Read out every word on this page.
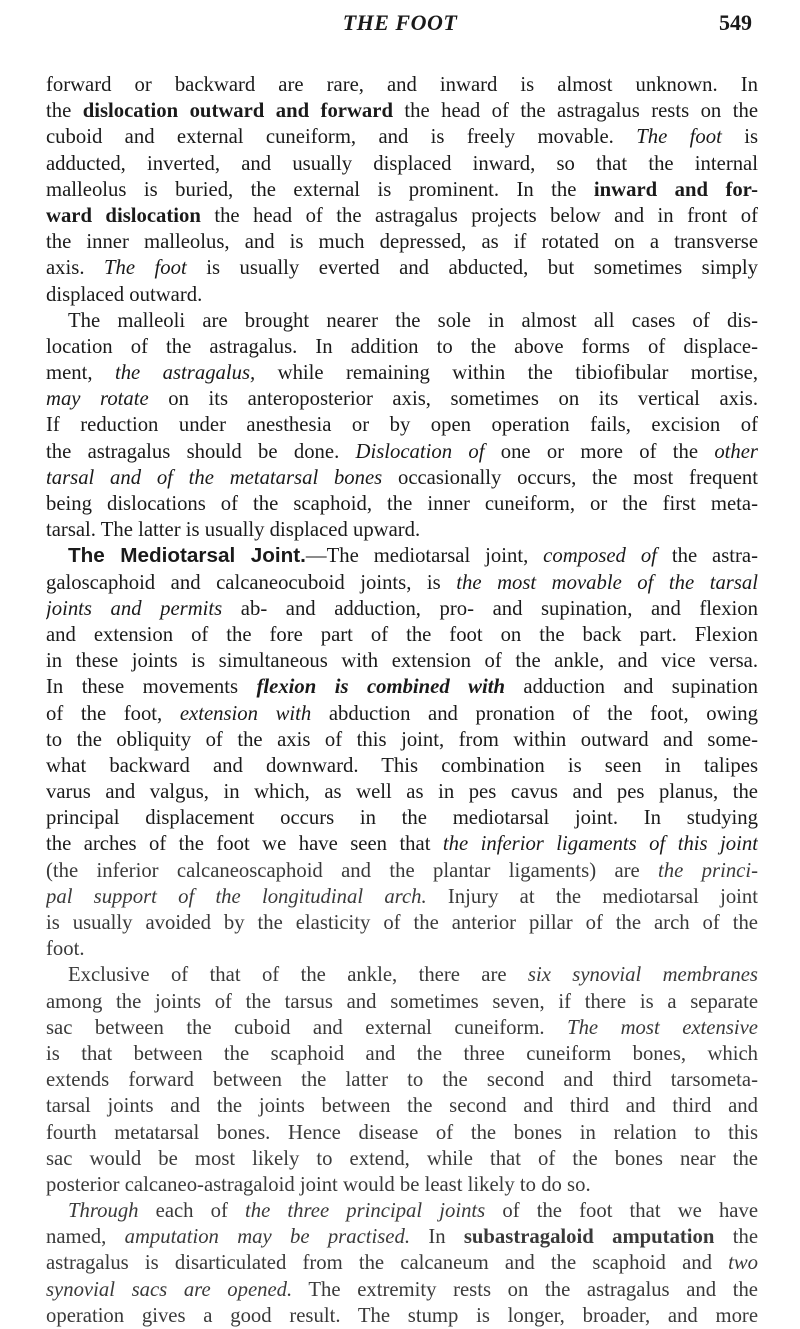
THE FOOT	549
forward or backward are rare, and inward is almost unknown. In
the dislocation outward and forward the head of the astragalus rests on the
cuboid and external cuneiform, and is freely movable. The foot is
adducted, inverted, and usually displaced inward, so that the internal
malleolus is buried, the external is prominent. In the inward and for-
ward dislocation the head of the astragalus projects below and in front of
the inner malleolus, and is much depressed, as if rotated on a transverse
axis. The foot is usually everted and abducted, but sometimes simply
displaced outward.
The malleoli are brought nearer the sole in almost all cases of dis-
location of the astragalus. In addition to the above forms of displace-
ment, the astragalus, while remaining within the tibiofibular mortise,
may rotate on its anteroposterior axis, sometimes on its vertical axis.
If reduction under anesthesia or by open operation fails, excision of
the astragalus should be done. Dislocation of one or more of the other
tarsal and of the metatarsal bones occasionally occurs, the most frequent
being dislocations of the scaphoid, the inner cuneiform, or the first meta-
tarsal. The latter is usually displaced upward.
The Mediotarsal Joint.—The mediotarsal joint, composed of the astra-
galoscaphoid and calcaneocuboid joints, is the most movable of the tarsal
joints and permits ab- and adduction, pro- and supination, and flexion
and extension of the fore part of the foot on the back part. Flexion
in these joints is simultaneous with extension of the ankle, and vice versa.
In these movements flexion is combined with adduction and supination
of the foot, extension with abduction and pronation of the foot, owing
to the obliquity of the axis of this joint, from within outward and some-
what backward and downward. This combination is seen in talipes
varus and valgus, in which, as well as in pes cavus and pes planus, the
principal displacement occurs in the mediotarsal joint. In studying
the arches of the foot we have seen that the inferior ligaments of this joint
(the inferior calcaneoscaphoid and the plantar ligaments) are the princi-
pal support of the longitudinal arch. Injury at the mediotarsal joint
is usually avoided by the elasticity of the anterior pillar of the arch of the
foot.
Exclusive of that of the ankle, there are six synovial membranes
among the joints of the tarsus and sometimes seven, if there is a separate
sac between the cuboid and external cuneiform. The most extensive
is that between the scaphoid and the three cuneiform bones, which
extends forward between the latter to the second and third tarsometa-
tarsal joints and the joints between the second and third and third and
fourth metatarsal bones. Hence disease of the bones in relation to this
sac would be most likely to extend, while that of the bones near the
posterior calcaneo-astragaloid joint would be least likely to do so.
Through each of the three principal joints of the foot that we have
named, amputation may be practised. In subastragaloid amputation the
astragalus is disarticulated from the calcaneum and the scaphoid and two
synovial sacs are opened. The extremity rests on the astragalus and the
operation gives a good result. The stump is longer, broader, and more
